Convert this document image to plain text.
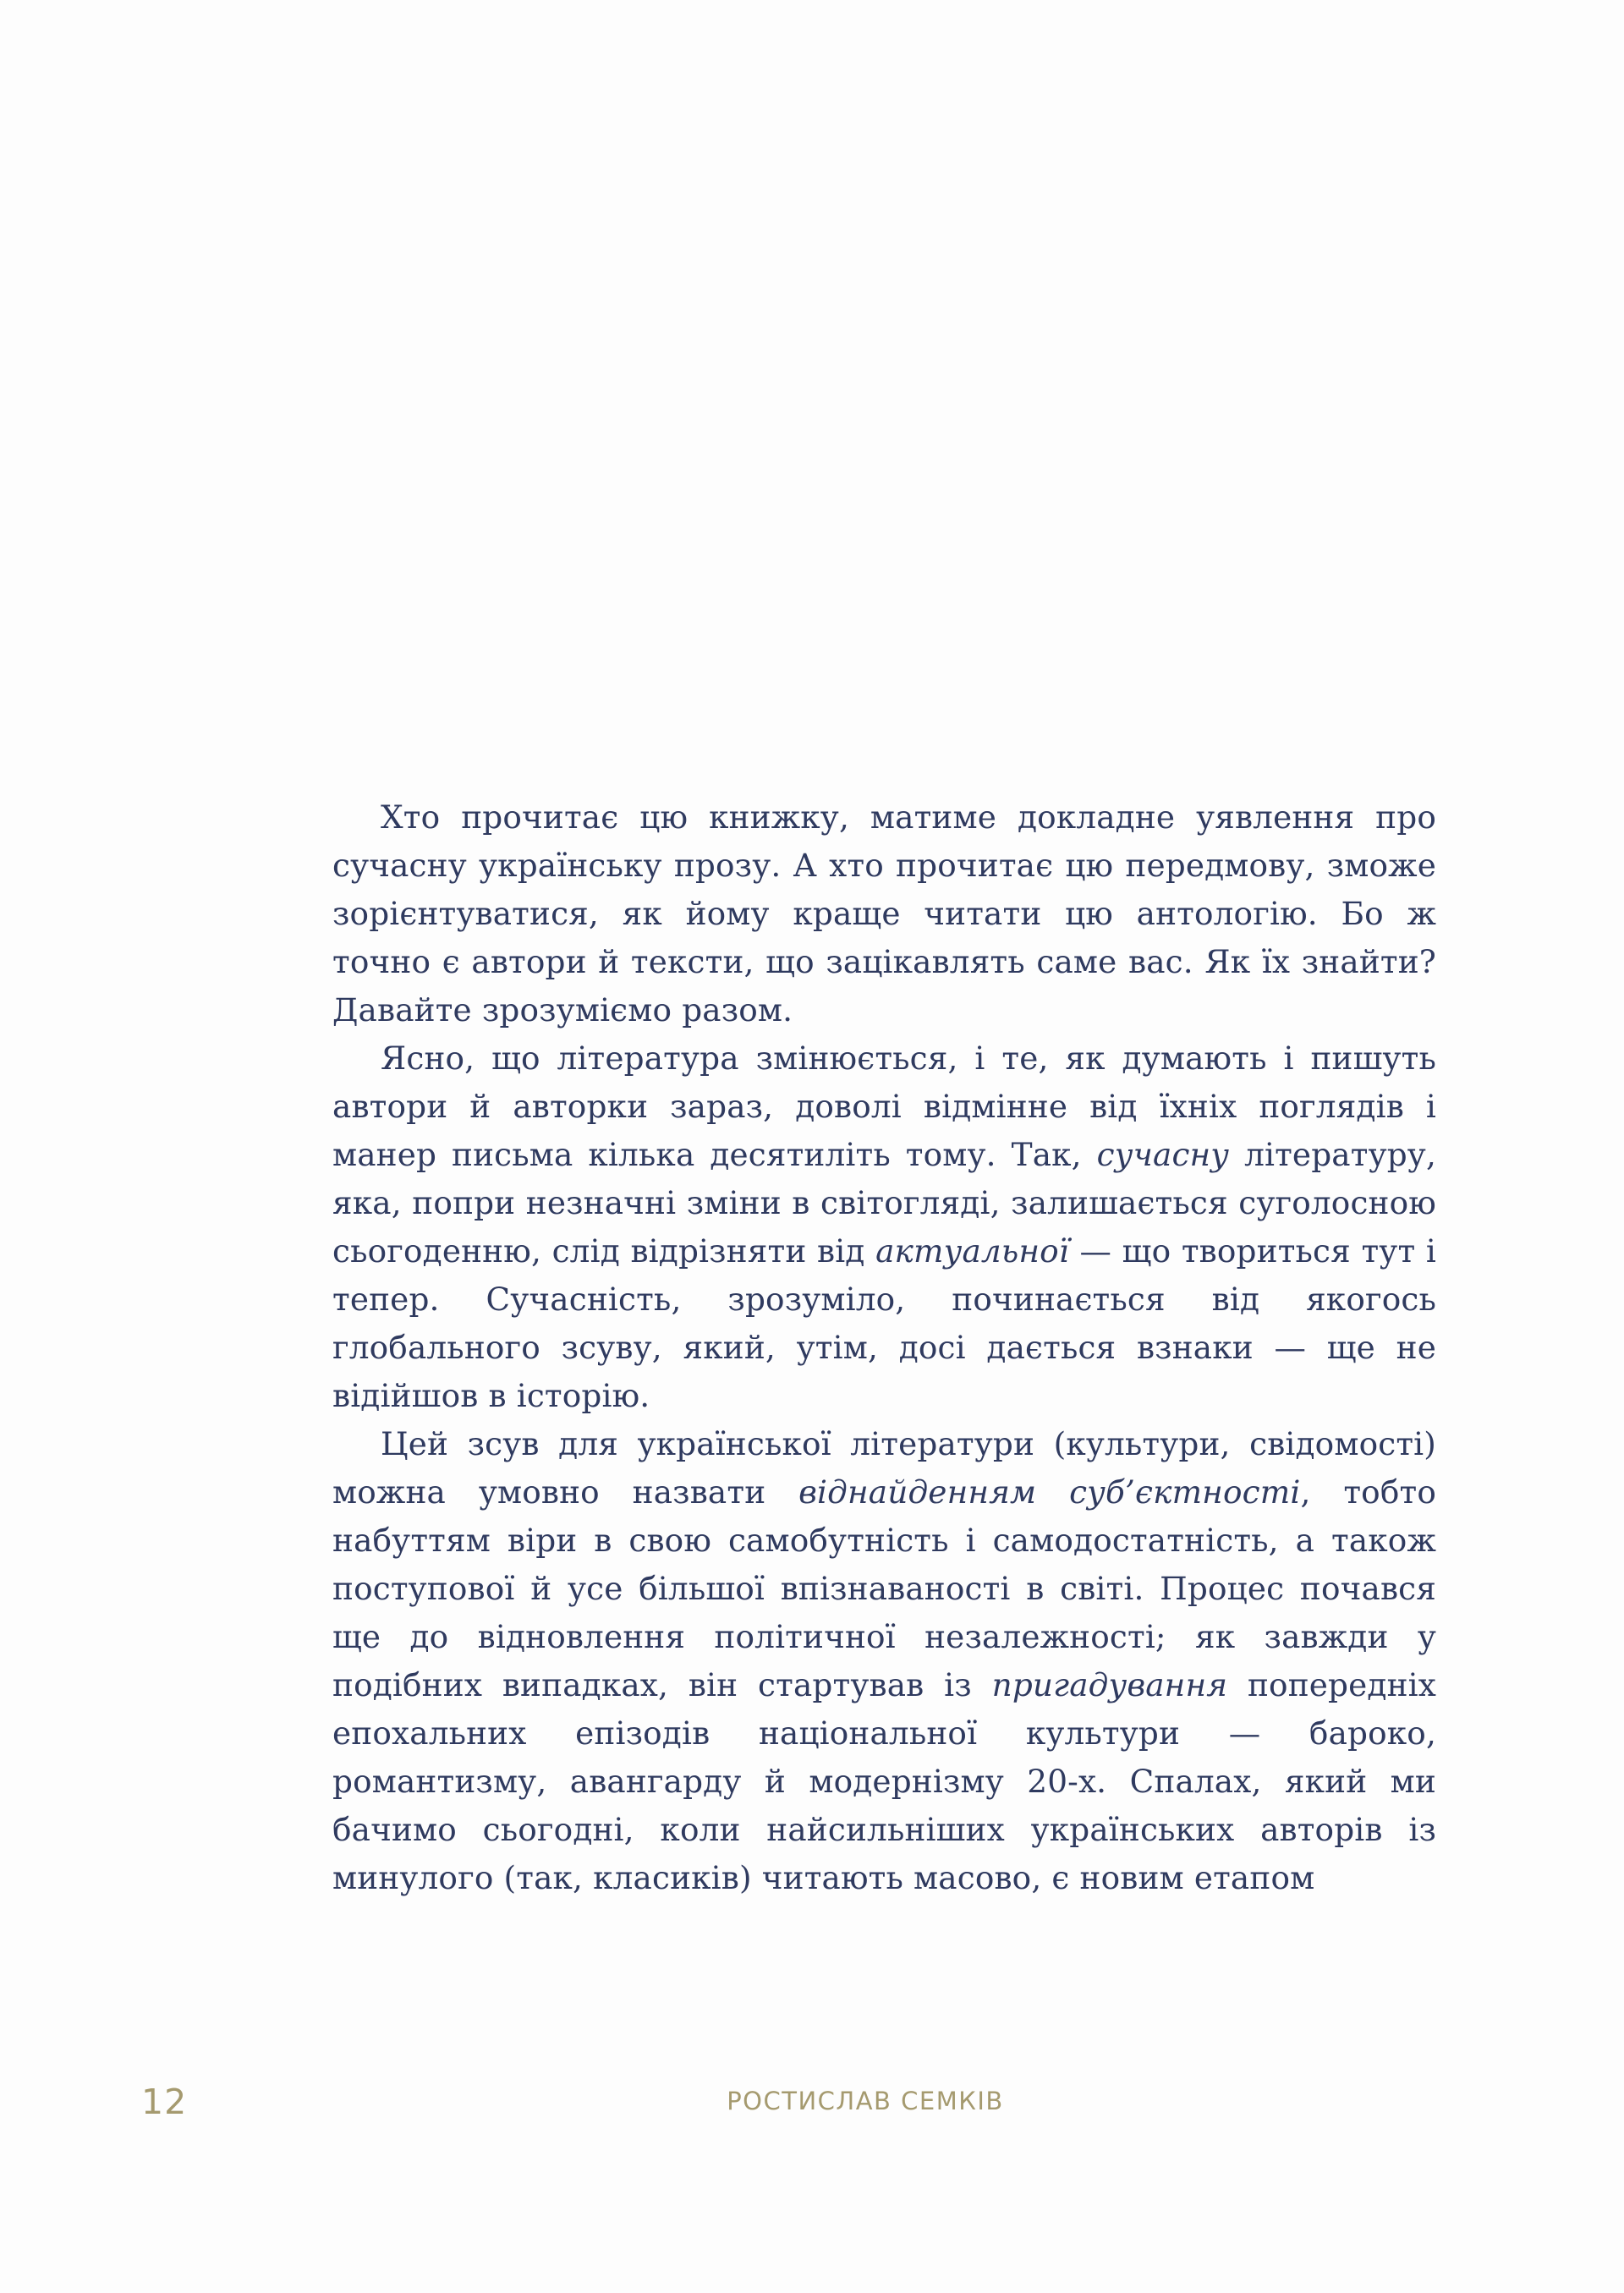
Хто прочитає цю книжку, матиме докладне уявлення про сучасну українську прозу. А хто прочитає цю передмову, зможе зорієнтуватися, як йому краще читати цю антологію. Бо ж точно є автори й тексти, що зацікавлять саме вас. Як їх знайти? Давайте зрозуміємо разом.

Ясно, що література змінюється, і те, як думають і пишуть автори й авторки зараз, доволі відмінне від їхніх поглядів і манер письма кілька десятиліть тому. Так, сучасну літературу, яка, попри незначні зміни в світогляді, залишається суголосною сьогоденню, слід відрізняти від актуальної — що твориться тут і тепер. Сучасність, зрозуміло, починається від якогось глобального зсуву, який, утім, досі дається взнаки — ще не відійшов в історію.

Цей зсув для української літератури (культури, свідомості) можна умовно назвати віднайденням суб’єктності, тобто набуттям віри в свою самобутність і самодостатність, а також поступової й усе більшої впізнаваності в світі. Процес почався ще до відновлення політичної незалежності; як завжди у подібних випадках, він стартував із пригадування попередніх епохальних епізодів національної культури — бароко, романтизму, авангарду й модернізму 20-х. Спалах, який ми бачимо сьогодні, коли найсильніших українських авторів із минулого (так, класиків) читають масово, є новим етапом

12	РОСТИСЛАВ СЕМКІВ
